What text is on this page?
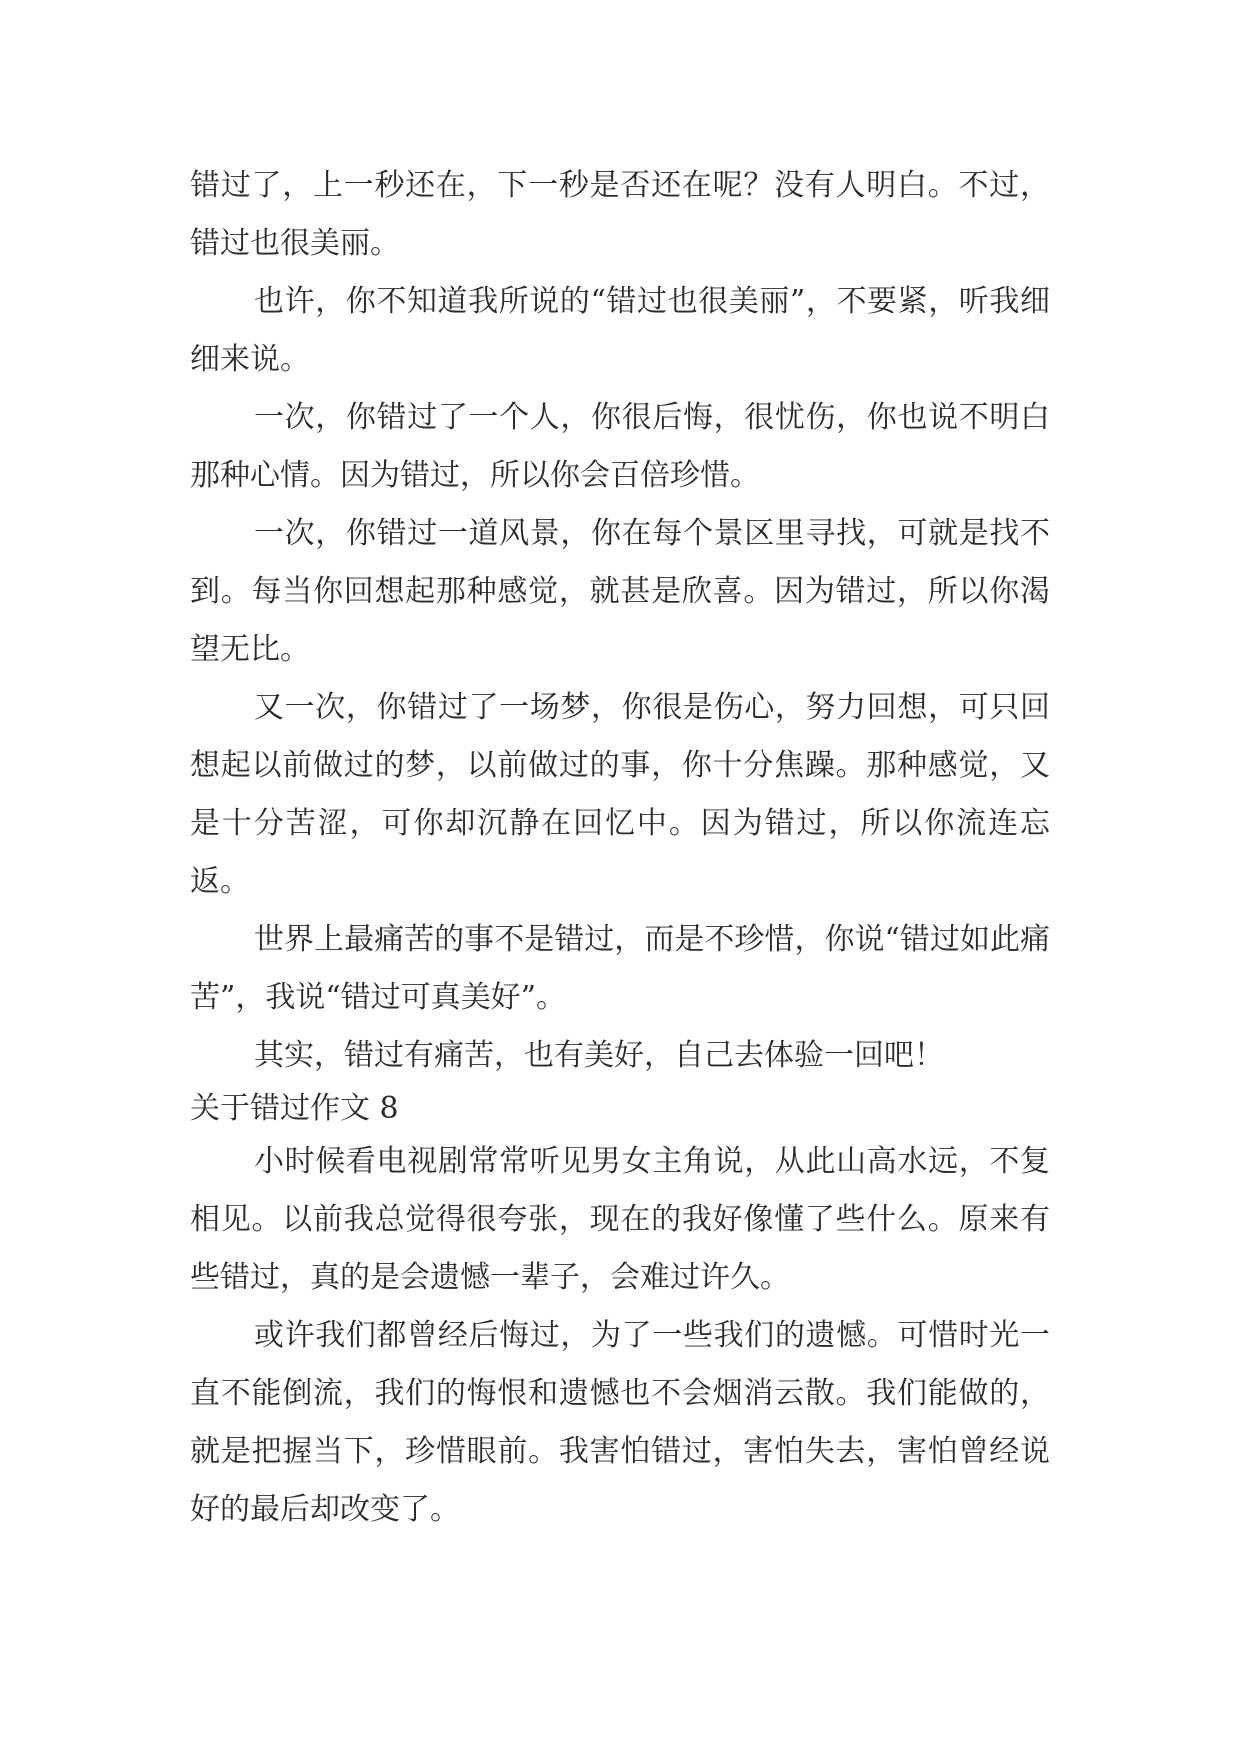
错过了，上一秒还在，下一秒是否还在呢？没有人明白。不过，错过也很美丽。

也许，你不知道我所说的“错过也很美丽”，不要紧，听我细细来说。

一次，你错过了一个人，你很后悔，很忧伤，你也说不明白那种心情。因为错过，所以你会百倍珍惜。

一次，你错过一道风景，你在每个景区里寻找，可就是找不到。每当你回想起那种感觉，就甚是欣喜。因为错过，所以你渴望无比。

又一次，你错过了一场梦，你很是伤心，努力回想，可只回想起以前做过的梦，以前做过的事，你十分焦躁。那种感觉，又是十分苦涩，可你却沉静在回忆中。因为错过，所以你流连忘返。

世界上最痛苦的事不是错过，而是不珍惜，你说“错过如此痛苦”，我说“错过可真美好”。

其实，错过有痛苦，也有美好，自己去体验一回吧！

关于错过作文 8

小时候看电视剧常常听见男女主角说，从此山高水远，不复相见。以前我总觉得很夸张，现在的我好像懂了些什么。原来有些错过，真的是会遗憾一辈子，会难过许久。

或许我们都曾经后悔过，为了一些我们的遗憾。可惜时光一直不能倒流，我们的悔恨和遗憾也不会烟消云散。我们能做的，就是把握当下，珍惜眼前。我害怕错过，害怕失去，害怕曾经说好的最后却改变了。
